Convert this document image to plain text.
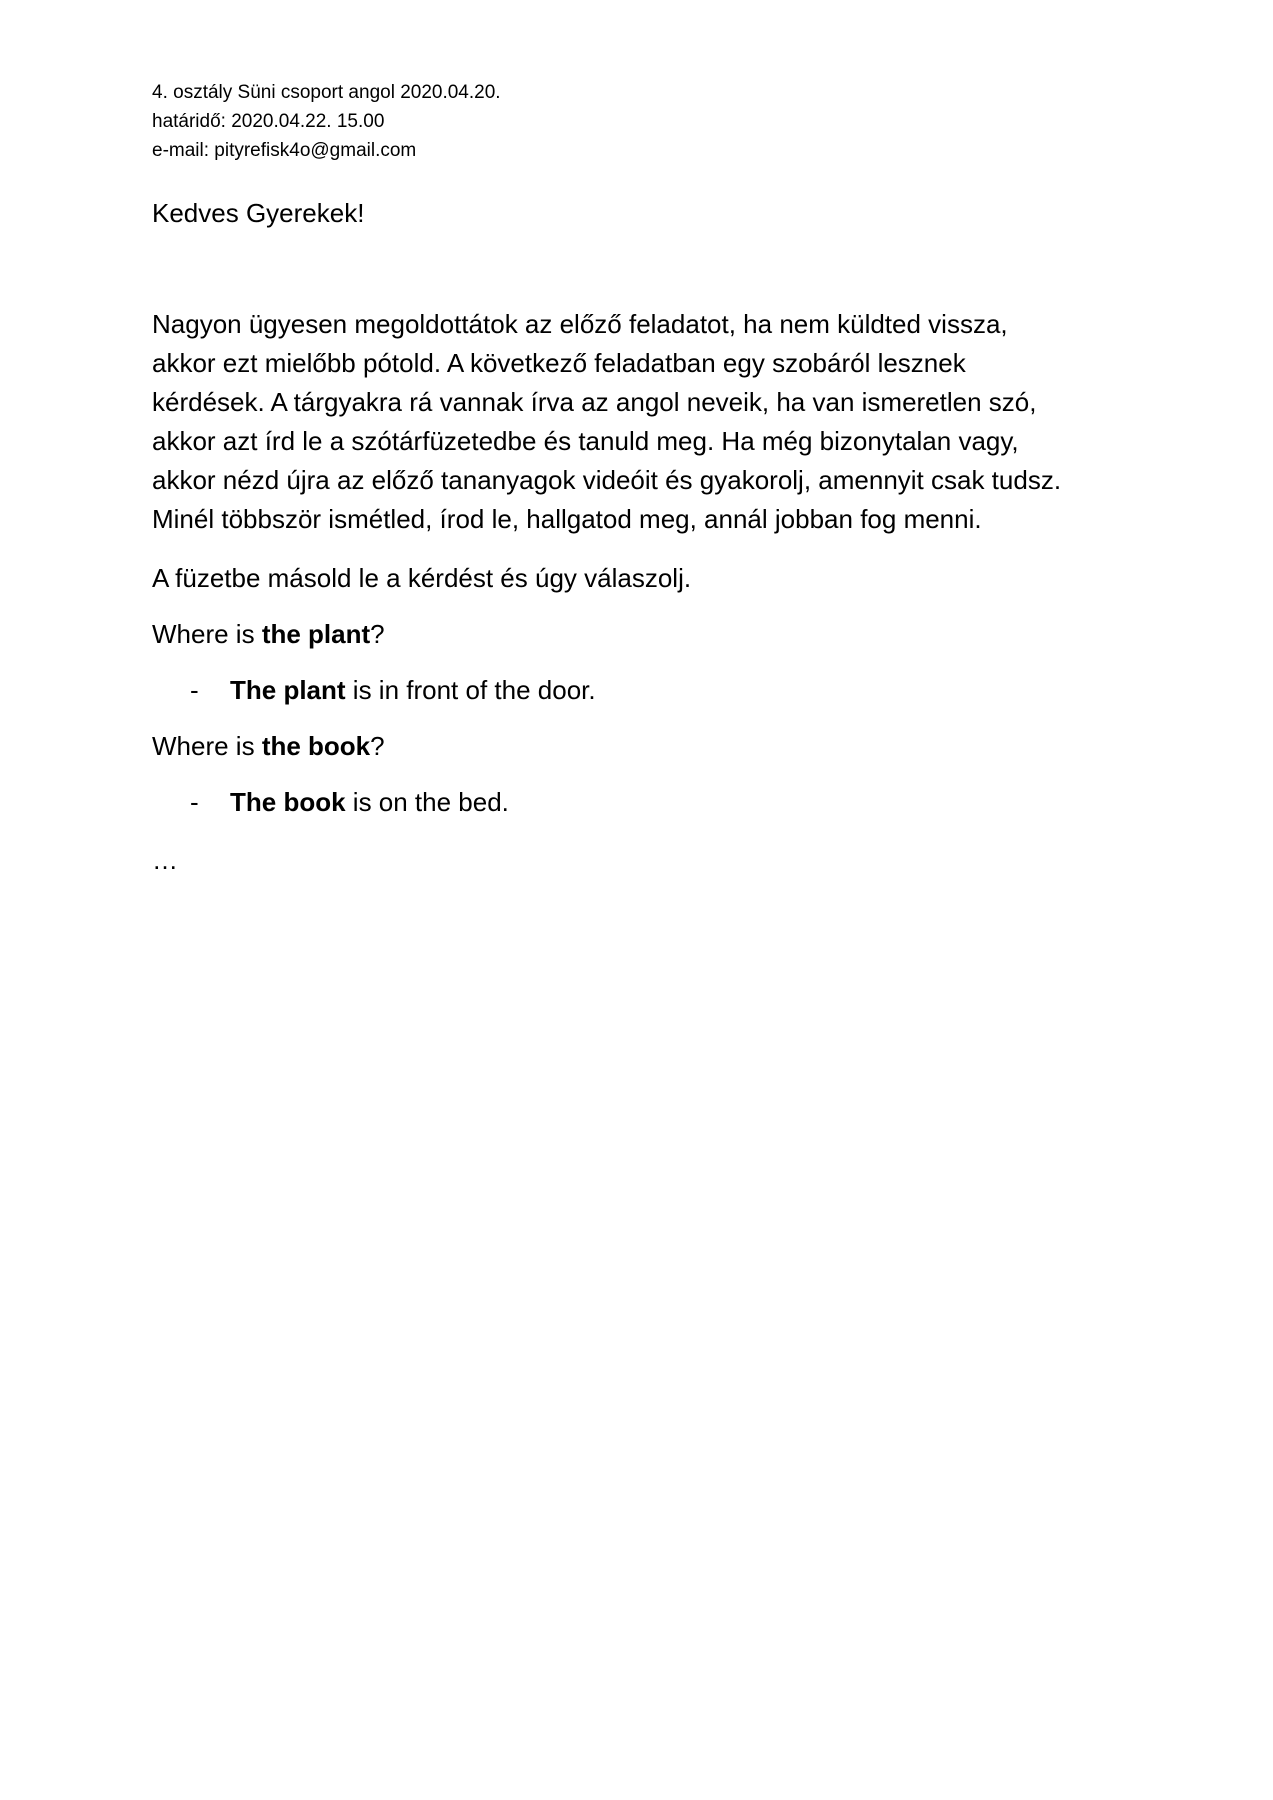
4. osztály Süni csoport angol 2020.04.20.
határidő: 2020.04.22. 15.00
e-mail: pityrefisk4o@gmail.com
Kedves Gyerekek!
Nagyon ügyesen megoldottátok az előző feladatot, ha nem küldted vissza,
akkor ezt mielőbb pótold. A következő feladatban egy szobáról lesznek
kérdések. A tárgyakra rá vannak írva az angol neveik, ha van ismeretlen szó,
akkor azt írd le a szótárfüzetedbe és tanuld meg. Ha még bizonytalan vagy,
akkor nézd újra az előző tananyagok videóit és gyakorolj, amennyit csak tudsz.
Minél többször ismétled, írod le, hallgatod meg, annál jobban fog menni.
A füzetbe másold le a kérdést és úgy válaszolj.
Where is the plant?
- The plant is in front of the door.
Where is the book?
- The book is on the bed.
…
